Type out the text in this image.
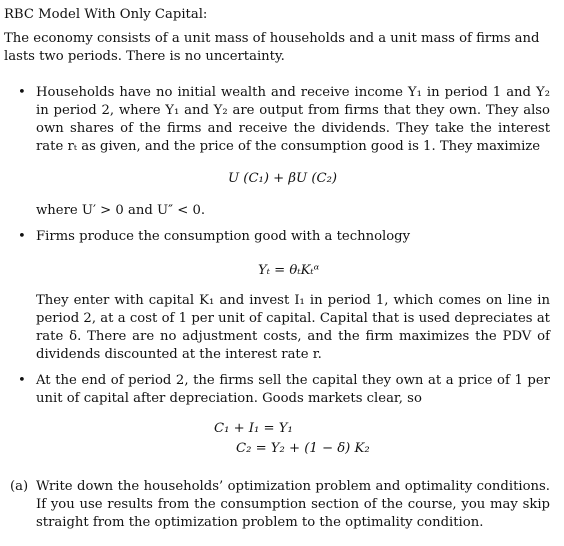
RBC Model With Only Capital:
The economy consists of a unit mass of households and a unit mass of firms and lasts two periods. There is no uncertainty.
• Households have no initial wealth and receive income Y₁ in period 1 and Y₂ in period 2, where Y₁ and Y₂ are output from firms that they own. They also own shares of the firms and receive the dividends. They take the interest rate rₜ as given, and the price of the consumption good is 1. They maximize
U (C₁) + βU (C₂)
where U′ > 0 and U″ < 0.
• Firms produce the consumption good with a technology
Yₜ = θₜKₜᵅ
They enter with capital K₁ and invest I₁ in period 1, which comes on line in period 2, at a cost of 1 per unit of capital. Capital that is used depreciates at rate δ. There are no adjustment costs, and the firm maximizes the PDV of dividends discounted at the interest rate r.
• At the end of period 2, the firms sell the capital they own at a price of 1 per unit of capital after depreciation. Goods markets clear, so
C₁ + I₁ = Y₁
C₂ = Y₂ + (1 − δ) K₂
(a) Write down the households’ optimization problem and optimality conditions. If you use results from the consumption section of the course, you may skip straight from the optimization problem to the optimality condition.
